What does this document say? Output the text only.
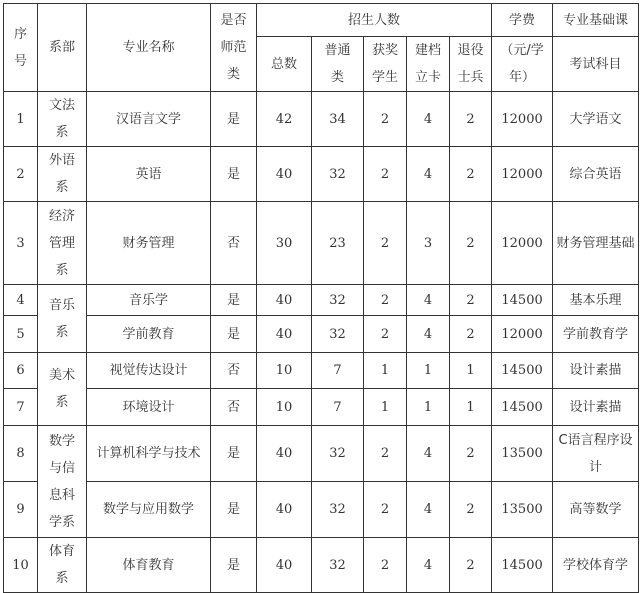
序号	系部	专业名称	是否师范类	招生人数					学费	专业基础课
				总数	普通类	获奖学生	建档立卡	退役士兵	（元/学年）	考试科目
1	文法系	汉语言文学	是	42	34	2	4	2	12000	大学语文

2	外语系	英语	是	40	32	2	4	2	12000	综合英语

3	经济管理系	财务管理	否	30	23	2	3	2	12000	财务管理基础

4	音乐系	音乐学	是	40	32	2	4	2	14500	基本乐理

5		学前教育	是	40	32	2	4	2	12000	学前教育学

6	美术系	视觉传达设计	否	10	7	1	1	1	14500	设计素描

7		环境设计	否	10	7	1	1	1	14500	设计素描

8	数学与信息科学系	计算机科学与技术	是	40	32	2	4	2	13500	C语言程序设计

9		数学与应用数学	是	40	32	2	4	2	13500	高等数学

10	体育系	体育教育	是	40	32	2	4	2	14500	学校体育学
